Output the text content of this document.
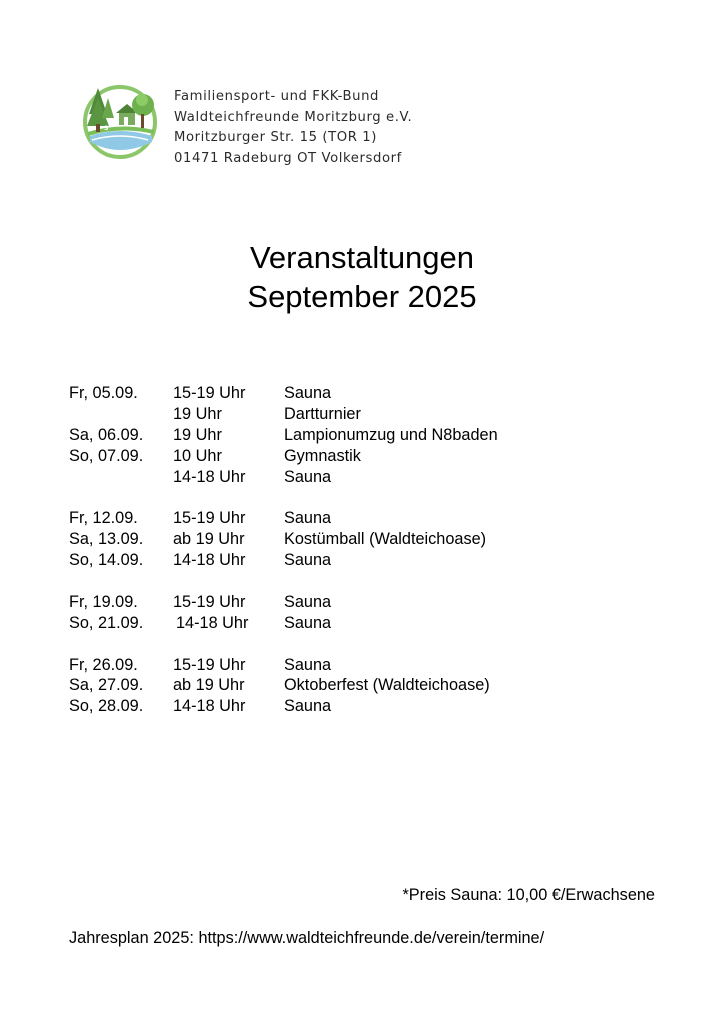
S
Familiensport- und FKK-Bund
Waldteichfreunde Moritzburg e.V.
Moritzburger Str. 15 (TOR 1)
01471 Radeburg OT Volkersdorf
Veranstaltungen
September 2025
Fr, 05.09. 15-19 Uhr Sauna
19 Uhr	Dartturnier
Sa, 06.09. 19 Uhr	Lampionumzug und N8baden
So, 07.09. 10 Uhr	Gymnastik
14-18 Uhr Sauna
Fr, 12.09. 15-19 Uhr Sauna
Sa, 13.09. ab 19 Uhr Kostümball (Waldteichoase)
So, 14.09. 14-18 Uhr Sauna
Fr, 19.09. 15-19 Uhr Sauna
So, 21.09. 14-18 Uhr Sauna
Fr, 26.09. 15-19 Uhr Sauna
Sa, 27.09. ab 19 Uhr Oktoberfest (Waldteichoase)
So, 28.09. 14-18 Uhr Sauna
*Preis Sauna: 10,00 €/Erwachsene
Jahresplan 2025: https://www.waldteichfreunde.de/verein/termine/
